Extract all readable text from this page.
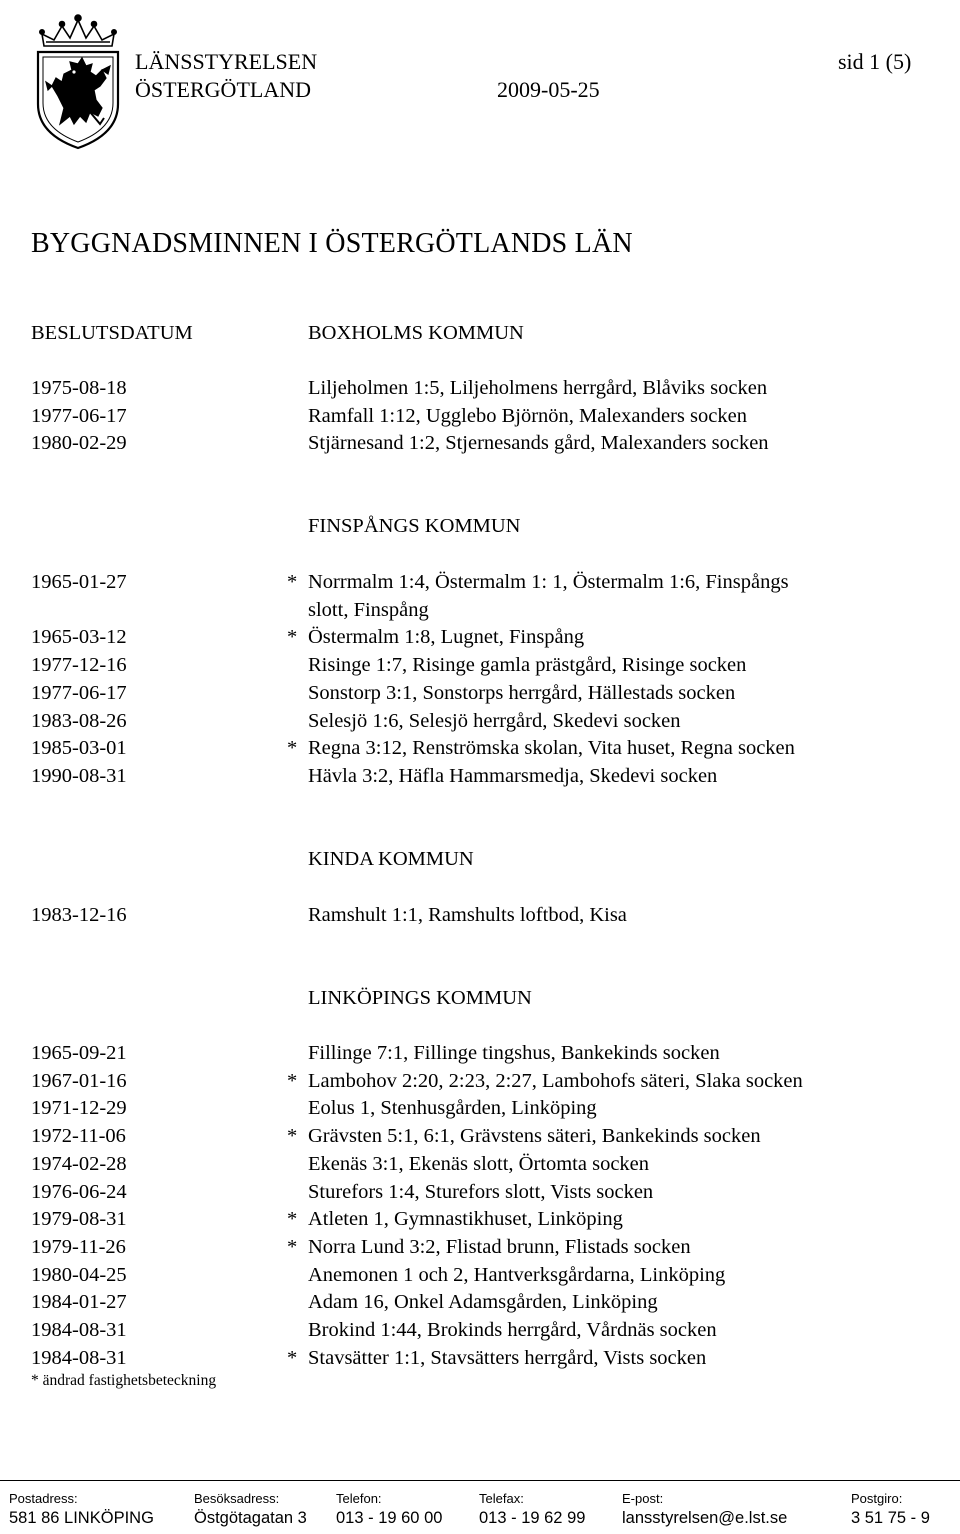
LÄNSSTYRELSEN
ÖSTERGÖTLAND	2009-05-25
sid 1 (5)
BYGGNADSMINNEN I ÖSTERGÖTLANDS LÄN
BESLUTSDATUM	BOXHOLMS KOMMUN
1975-08-18	Liljeholmen 1:5, Liljeholmens herrgård, Blåviks socken
1977-06-17	Ramfall 1:12, Ugglebo Björnön, Malexanders socken
1980-02-29	Stjärnesand 1:2, Stjernesands gård, Malexanders socken
FINSPÅNGS KOMMUN
1965-01-27	* Norrmalm 1:4, Östermalm 1: 1, Östermalm 1:6, Finspångs
slott, Finspång
1965-03-12	* Östermalm 1:8, Lugnet, Finspång
1977-12-16	Risinge 1:7, Risinge gamla prästgård, Risinge socken
1977-06-17	Sonstorp 3:1, Sonstorps herrgård, Hällestads socken
1983-08-26	Selesjö 1:6, Selesjö herrgård, Skedevi socken
1985-03-01	* Regna 3:12, Renströmska skolan, Vita huset, Regna socken
1990-08-31	Hävla 3:2, Häfla Hammarsmedja, Skedevi socken
KINDA KOMMUN
1983-12-16	Ramshult 1:1, Ramshults loftbod, Kisa
LINKÖPINGS KOMMUN
1965-09-21	Fillinge 7:1, Fillinge tingshus, Bankekinds socken
1967-01-16	* Lambohov 2:20, 2:23, 2:27, Lambohofs säteri, Slaka socken
1971-12-29	Eolus 1, Stenhusgården, Linköping
1972-11-06	* Grävsten 5:1, 6:1, Grävstens säteri, Bankekinds socken
1974-02-28	Ekenäs 3:1, Ekenäs slott, Örtomta socken
1976-06-24	Sturefors 1:4, Sturefors slott, Vists socken
1979-08-31	* Atleten 1, Gymnastikhuset, Linköping
1979-11-26	* Norra Lund 3:2, Flistad brunn, Flistads socken
1980-04-25	Anemonen 1 och 2, Hantverksgårdarna, Linköping
1984-01-27	Adam 16, Onkel Adamsgården, Linköping
1984-08-31	Brokind 1:44, Brokinds herrgård, Vårdnäs socken
1984-08-31	* Stavsätter 1:1, Stavsätters herrgård, Vists socken
* ändrad fastighetsbeteckning
Postadress:
581 86 LINKÖPING
Besöksadress:
Östgötagatan 3
Telefon:
013 - 19 60 00
Telefax:
013 - 19 62 99
E-post:
lansstyrelsen@e.lst.se
Postgiro:
3 51 75 - 9
